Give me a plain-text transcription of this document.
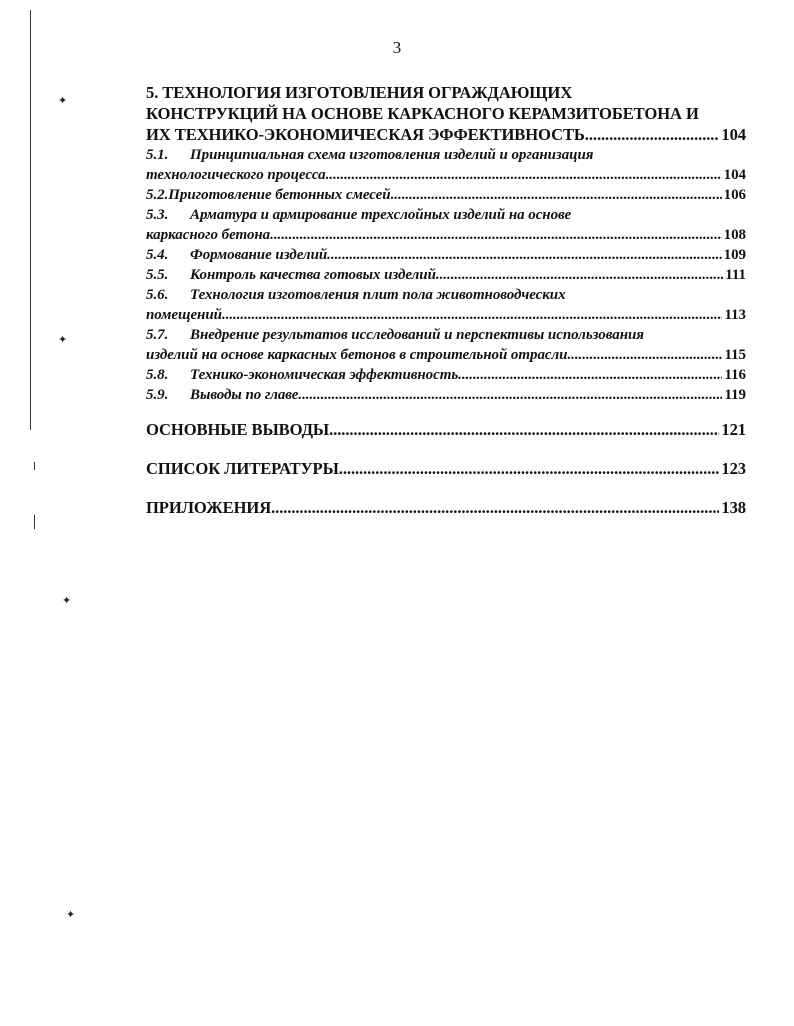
3
✦
✦
✦
✦
5. ТЕХНОЛОГИЯ ИЗГОТОВЛЕНИЯ ОГРАЖДАЮЩИХ
КОНСТРУКЦИЙ НА ОСНОВЕ КАРКАСНОГО КЕРАМЗИТОБЕТОНА И
ИХ ТЕХНИКО-ЭКОНОМИЧЕСКАЯ ЭФФЕКТИВНОСТЬ .....	104
5.1. Принципиальная схема изготовления изделий и организация
технологического процесса .....	104
5.2.Приготовление бетонных смесей .....	106
5.3. Арматура и армирование трехслойных изделий на основе
каркасного бетона .....	108
5.4. Формование изделий .....	109
5.5. Контроль качества готовых изделий .....	111
5.6. Технология изготовления плит пола животноводческих
помещений .....	113
5.7. Внедрение результатов исследований и перспективы использования
изделий на основе каркасных бетонов в строительной отрасли .....	115
5.8. Технико-экономическая эффективность .....	116
5.9. Выводы по главе .....	119
ОСНОВНЫЕ ВЫВОДЫ .....	121
СПИСОК ЛИТЕРАТУРЫ .....	123
ПРИЛОЖЕНИЯ .....	138
